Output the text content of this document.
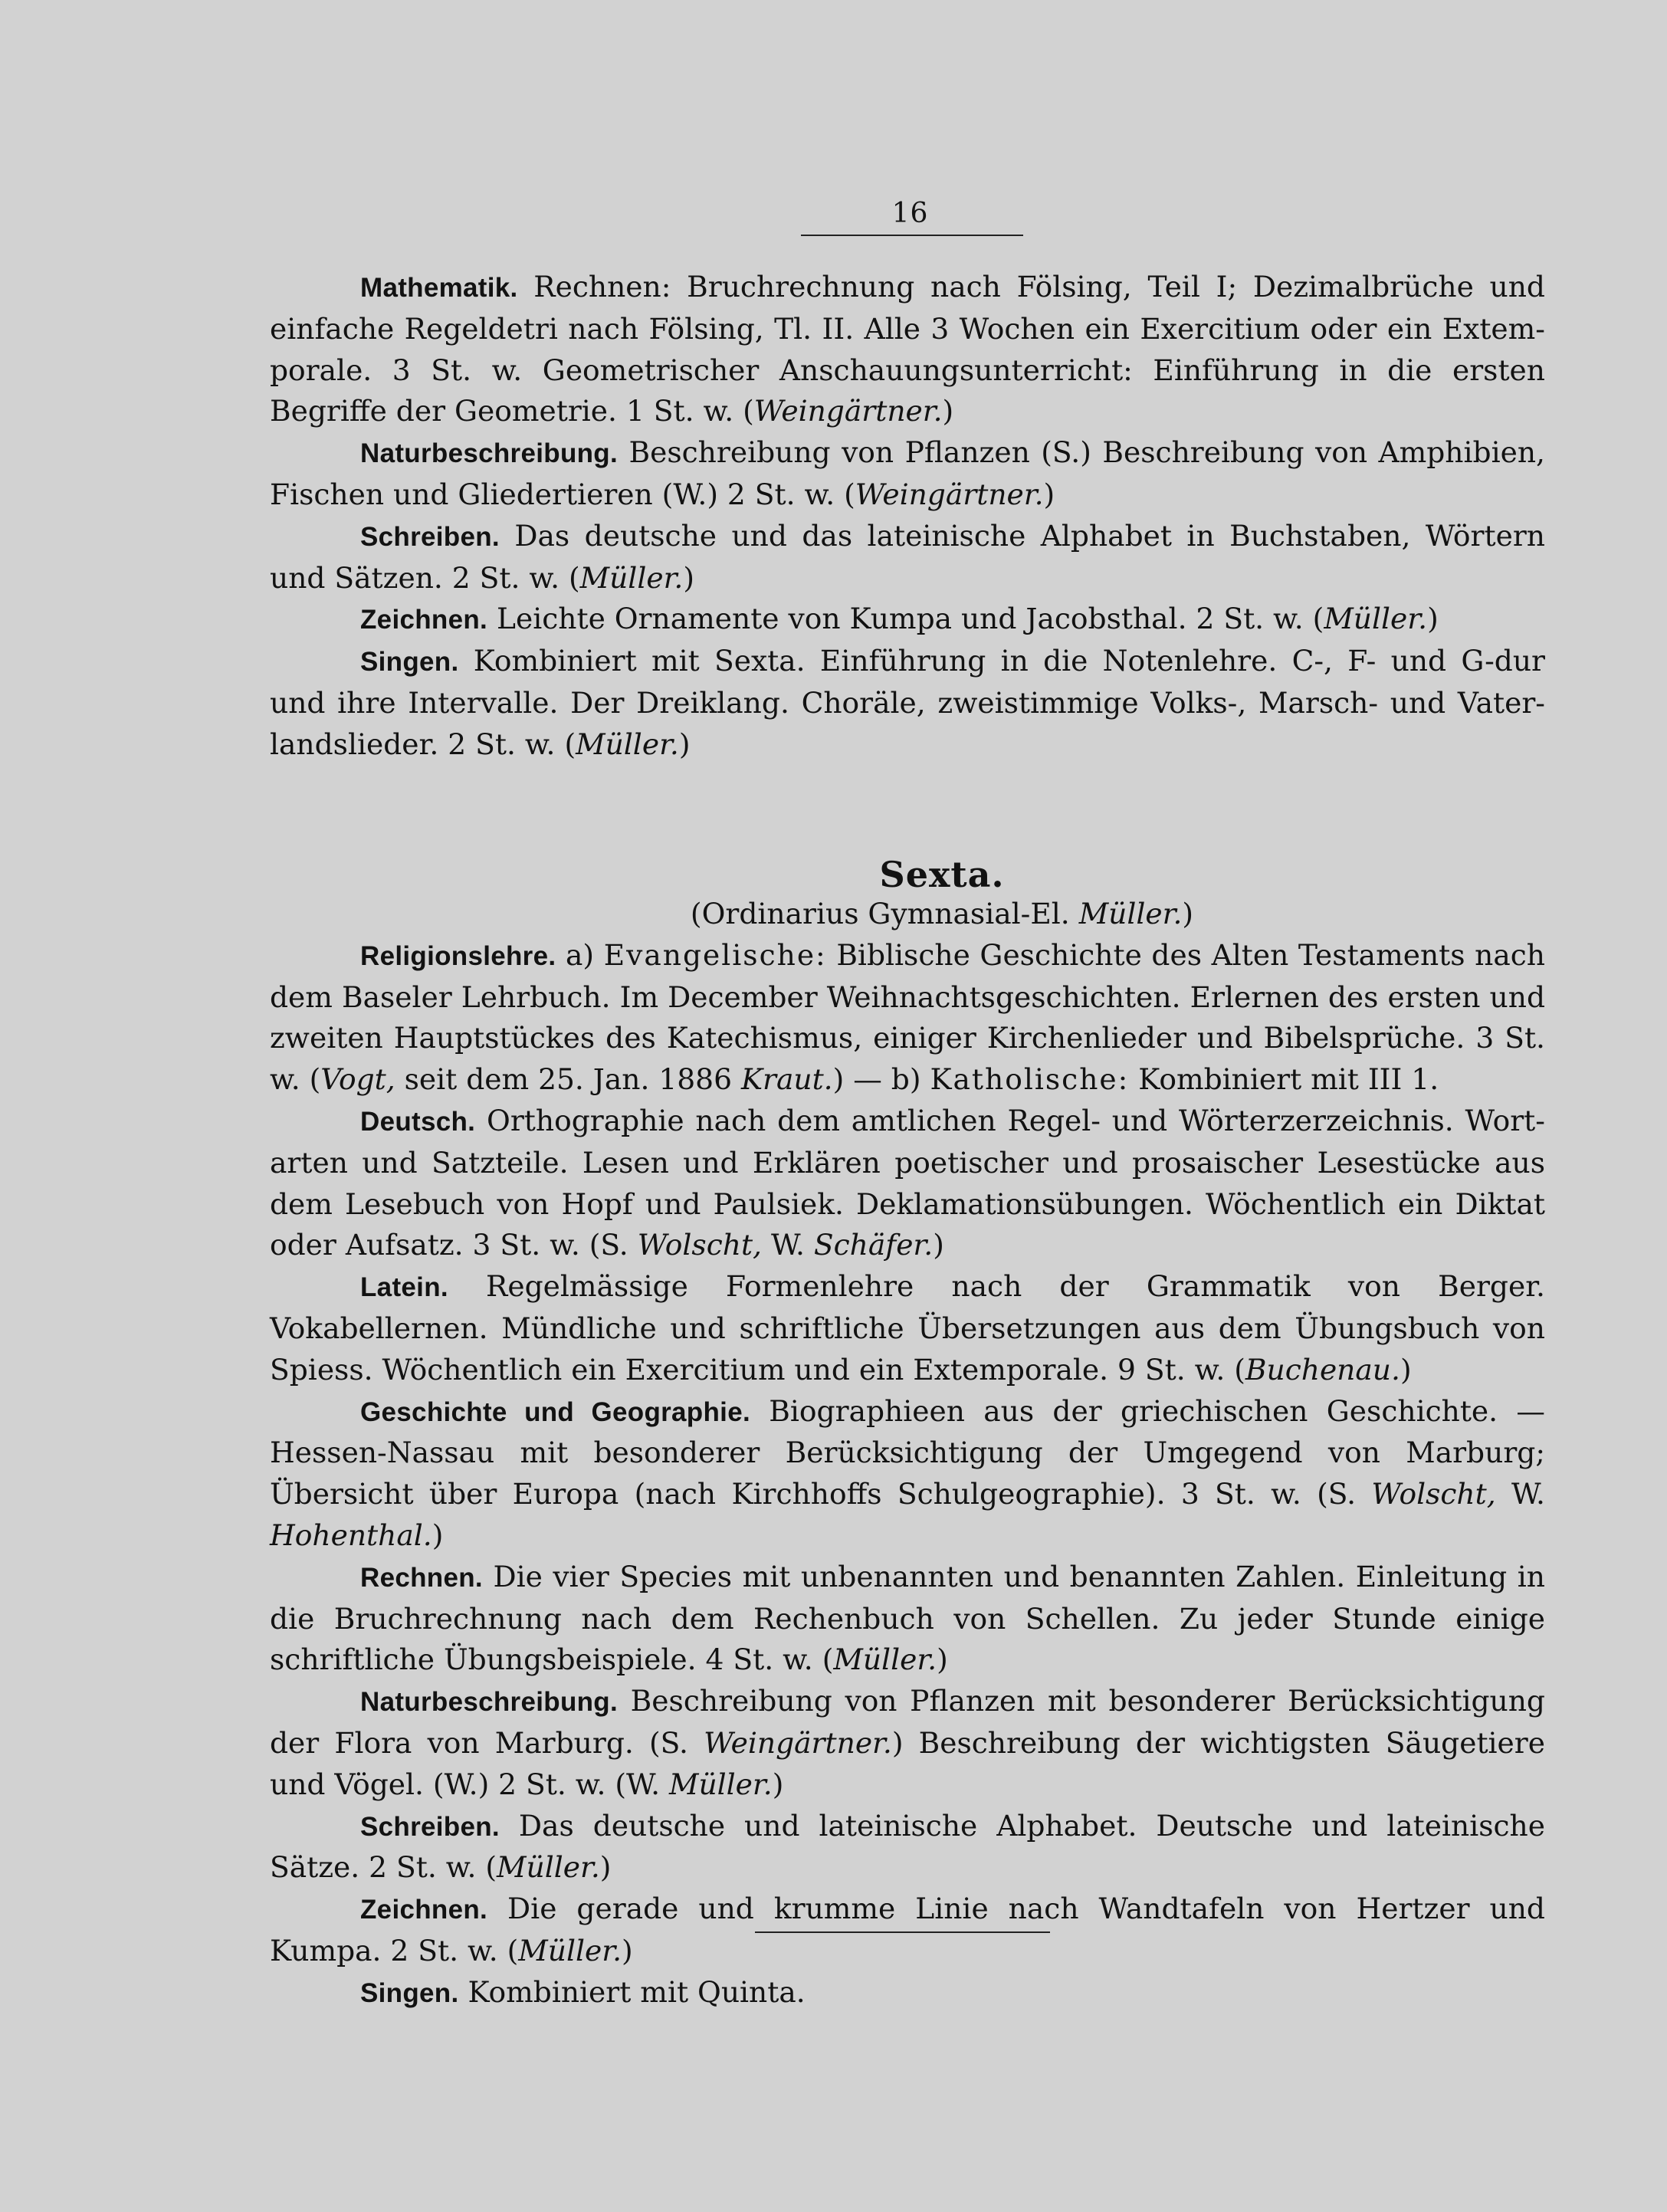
16

Mathematik. Rechnen: Bruchrechnung nach Fölsing, Teil I; Dezimalbrüche und einfache Regeldetri nach Fölsing, Tl. II. Alle 3 Wochen ein Exercitium oder ein Extemporale. 3 St. w. Geometrischer Anschauungsunterricht: Einführung in die ersten Begriffe der Geometrie. 1 St. w. (Weingärtner.)

Naturbeschreibung. Beschreibung von Pflanzen (S.) Beschreibung von Amphibien, Fischen und Gliedertieren (W.) 2 St. w. (Weingärtner.)

Schreiben. Das deutsche und das lateinische Alphabet in Buchstaben, Wörtern und Sätzen. 2 St. w. (Müller.)

Zeichnen. Leichte Ornamente von Kumpa und Jacobsthal. 2 St. w. (Müller.)

Singen. Kombiniert mit Sexta. Einführung in die Notenlehre. C-, F- und G-dur und ihre Intervalle. Der Dreiklang. Choräle, zweistimmige Volks-, Marsch- und Vaterlandslieder. 2 St. w. (Müller.)

Sexta.

(Ordinarius Gymnasial-El. Müller.)

Religionslehre. a) Evangelische: Biblische Geschichte des Alten Testaments nach dem Baseler Lehrbuch. Im December Weihnachtsgeschichten. Erlernen des ersten und zweiten Hauptstückes des Katechismus, einiger Kirchenlieder und Bibelsprüche. 3 St. w. (Vogt, seit dem 25. Jan. 1886 Kraut.) — b) Katholische: Kombiniert mit III 1.

Deutsch. Orthographie nach dem amtlichen Regel- und Wörterzerzeichnis. Wortarten und Satzteile. Lesen und Erklären poetischer und prosaischer Lesestücke aus dem Lesebuch von Hopf und Paulsiek. Deklamationsübungen. Wöchentlich ein Diktat oder Aufsatz. 3 St. w. (S. Wolscht, W. Schäfer.)

Latein. Regelmässige Formenlehre nach der Grammatik von Berger. Vokabellernen. Mündliche und schriftliche Übersetzungen aus dem Übungsbuch von Spiess. Wöchentlich ein Exercitium und ein Extemporale. 9 St. w. (Buchenau.)

Geschichte und Geographie. Biographieen aus der griechischen Geschichte. — Hessen-Nassau mit besonderer Berücksichtigung der Umgegend von Marburg; Übersicht über Europa (nach Kirchhoffs Schulgeographie). 3 St. w. (S. Wolscht, W. Hohenthal.)

Rechnen. Die vier Species mit unbenannten und benannten Zahlen. Einleitung in die Bruchrechnung nach dem Rechenbuch von Schellen. Zu jeder Stunde einige schriftliche Übungsbeispiele. 4 St. w. (Müller.)

Naturbeschreibung. Beschreibung von Pflanzen mit besonderer Berücksichtigung der Flora von Marburg. (S. Weingärtner.) Beschreibung der wichtigsten Säugetiere und Vögel. (W.) 2 St. w. (W. Müller.)

Schreiben. Das deutsche und lateinische Alphabet. Deutsche und lateinische Sätze. 2 St. w. (Müller.)

Zeichnen. Die gerade und krumme Linie nach Wandtafeln von Hertzer und Kumpa. 2 St. w. (Müller.)

Singen. Kombiniert mit Quinta.
